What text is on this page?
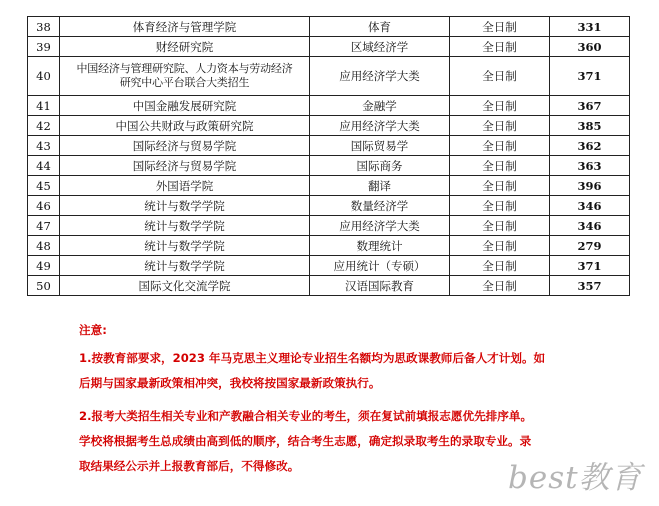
38	体育经济与管理学院	体育	全日制	331
39	财经研究院	区域经济学	全日制	360
40	中国经济与管理研究院、人力资本与劳动经济
研究中心平台联合大类招生	应用经济学大类	全日制	371
41	中国金融发展研究院	金融学	全日制	367
42	中国公共财政与政策研究院	应用经济学大类	全日制	385
43	国际经济与贸易学院	国际贸易学	全日制	362
44	国际经济与贸易学院	国际商务	全日制	363
45	外国语学院	翻译	全日制	396
46	统计与数学学院	数量经济学	全日制	346
47	统计与数学学院	应用经济学大类	全日制	346
48	统计与数学学院	数理统计	全日制	279
49	统计与数学学院	应用统计（专硕）	全日制	371
50	国际文化交流学院	汉语国际教育	全日制	357
注意:
1.按教育部要求，2023 年马克思主义理论专业招生名额均为思政课教师后备人才计划。如
后期与国家最新政策相冲突，我校将按国家最新政策执行。
2.报考大类招生相关专业和产教融合相关专业的考生，须在复试前填报志愿优先排序单。
学校将根据考生总成绩由高到低的顺序，结合考生志愿，确定拟录取考生的录取专业。录
取结果经公示并上报教育部后，不得修改。	best教育
